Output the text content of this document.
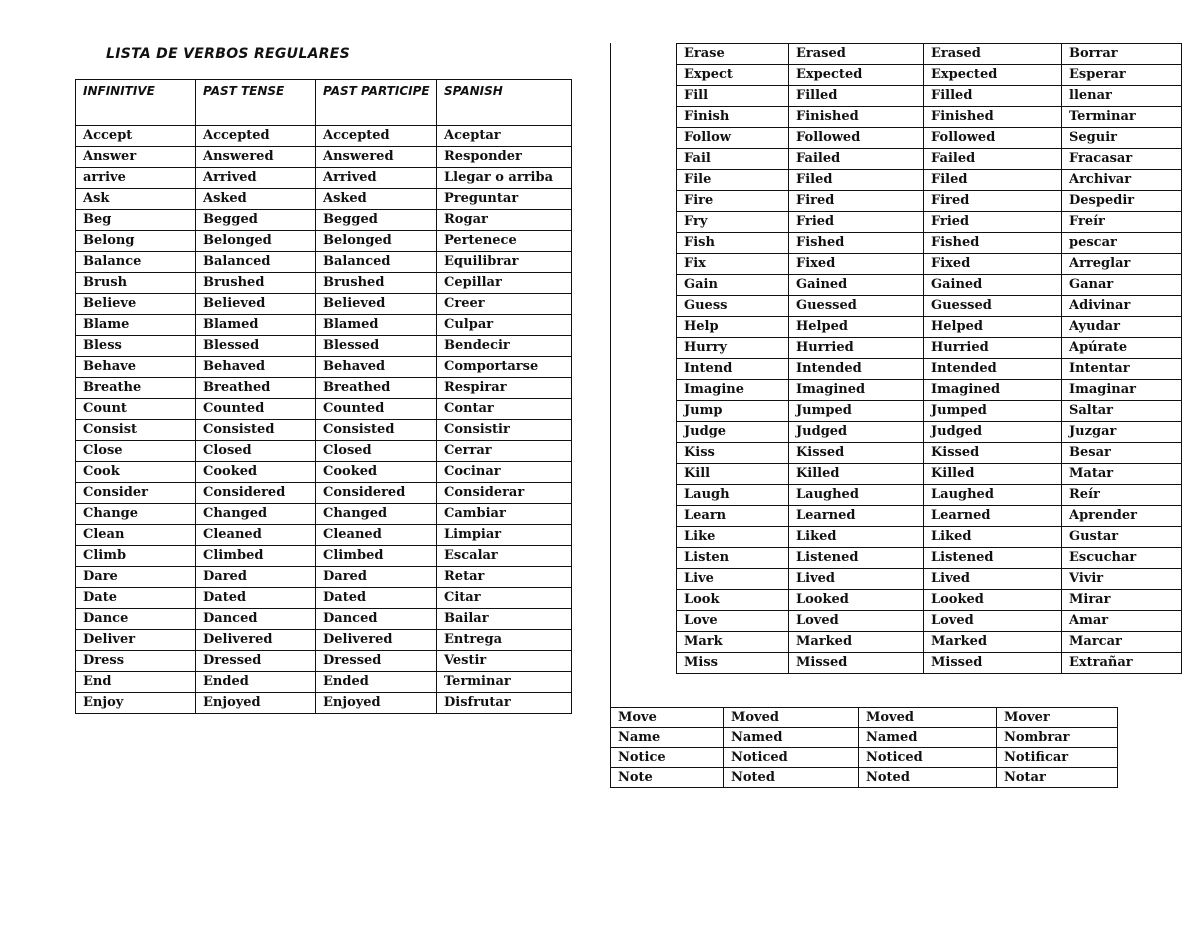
LISTA DE VERBOS REGULARES
INFINITIVE	PAST TENSE	PAST PARTICIPE	SPANISH
Accept	Accepted	Accepted	Aceptar
Answer	Answered	Answered	Responder
arrive	Arrived	Arrived	Llegar o arriba
Ask	Asked	Asked	Preguntar
Beg	Begged	Begged	Rogar
Belong	Belonged	Belonged	Pertenece
Balance	Balanced	Balanced	Equilibrar
Brush	Brushed	Brushed	Cepillar
Believe	Believed	Believed	Creer
Blame	Blamed	Blamed	Culpar
Bless	Blessed	Blessed	Bendecir
Behave	Behaved	Behaved	Comportarse
Breathe	Breathed	Breathed	Respirar
Count	Counted	Counted	Contar
Consist	Consisted	Consisted	Consistir
Close	Closed	Closed	Cerrar
Cook	Cooked	Cooked	Cocinar
Consider	Considered	Considered	Considerar
Change	Changed	Changed	Cambiar
Clean	Cleaned	Cleaned	Limpiar
Climb	Climbed	Climbed	Escalar
Dare	Dared	Dared	Retar
Date	Dated	Dated	Citar
Dance	Danced	Danced	Bailar
Deliver	Delivered	Delivered	Entrega
Dress	Dressed	Dressed	Vestir
End	Ended	Ended	Terminar
Enjoy	Enjoyed	Enjoyed	Disfrutar
Erase	Erased	Erased	Borrar
Expect	Expected	Expected	Esperar
Fill	Filled	Filled	llenar
Finish	Finished	Finished	Terminar
Follow	Followed	Followed	Seguir
Fail	Failed	Failed	Fracasar
File	Filed	Filed	Archivar
Fire	Fired	Fired	Despedir
Fry	Fried	Fried	Freír
Fish	Fished	Fished	pescar
Fix	Fixed	Fixed	Arreglar
Gain	Gained	Gained	Ganar
Guess	Guessed	Guessed	Adivinar
Help	Helped	Helped	Ayudar
Hurry	Hurried	Hurried	Apúrate
Intend	Intended	Intended	Intentar
Imagine	Imagined	Imagined	Imaginar
Jump	Jumped	Jumped	Saltar
Judge	Judged	Judged	Juzgar
Kiss	Kissed	Kissed	Besar
Kill	Killed	Killed	Matar
Laugh	Laughed	Laughed	Reír
Learn	Learned	Learned	Aprender
Like	Liked	Liked	Gustar
Listen	Listened	Listened	Escuchar
Live	Lived	Lived	Vivir
Look	Looked	Looked	Mirar
Love	Loved	Loved	Amar
Mark	Marked	Marked	Marcar
Miss	Missed	Missed	Extrañar
Move	Moved	Moved	Mover
Name	Named	Named	Nombrar
Notice	Noticed	Noticed	Notificar
Note	Noted	Noted	Notar
